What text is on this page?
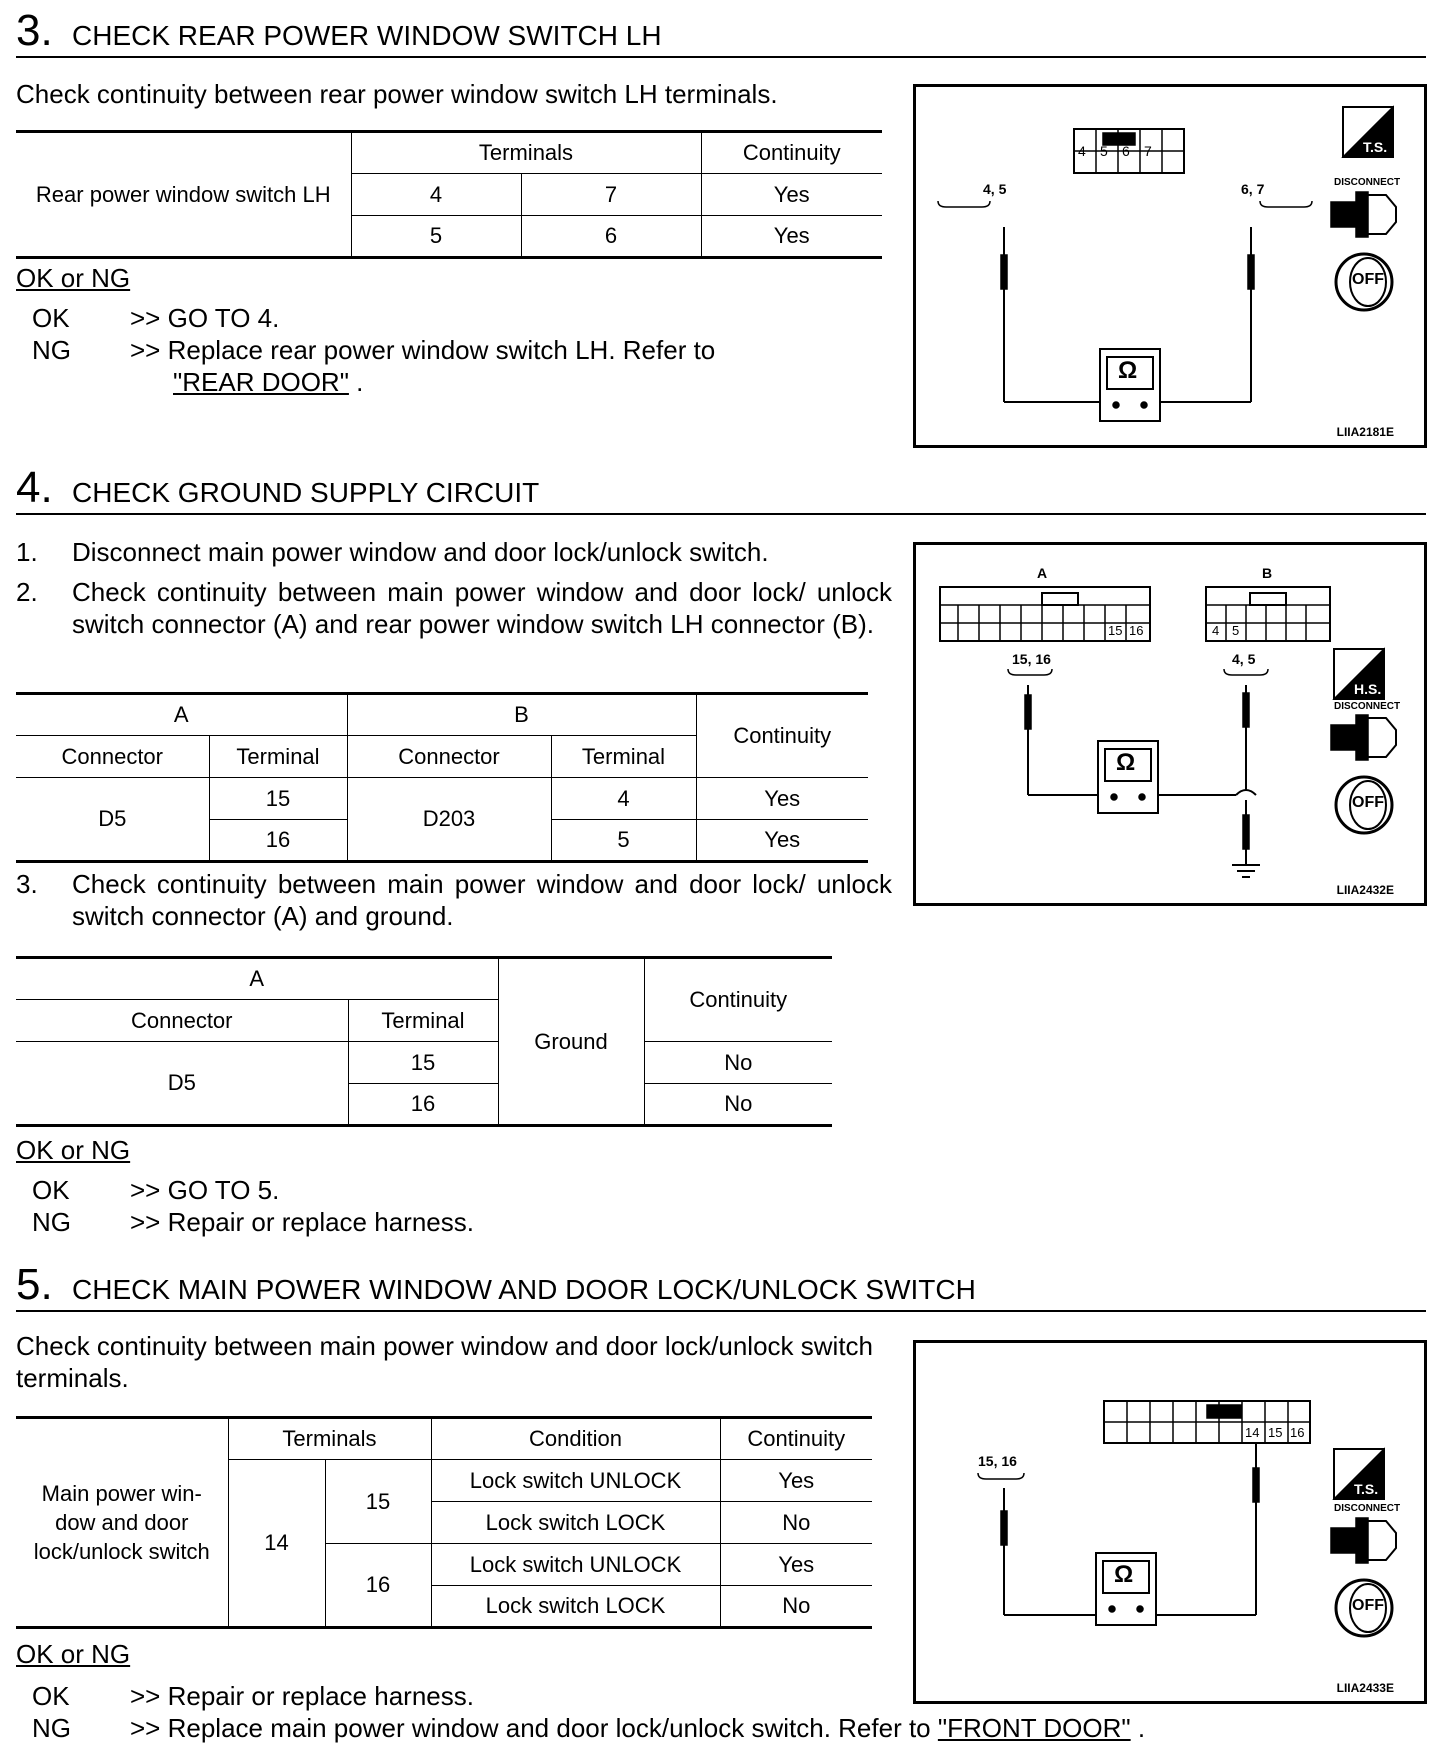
3. CHECK REAR POWER WINDOW SWITCH LH
Check continuity between rear power window switch LH terminals.
Rear power window switch LH	Terminals		Continuity
	4	7	Yes
	5	6	Yes
OK or NG
OK >> GO TO 4.
NG >> Replace rear power window switch LH. Refer to
"REAR DOOR" .
4 5 6 7
4, 5	6, 7
Ω
T.S.
DISCONNECT
OFF
LIIA2181E
4. CHECK GROUND SUPPLY CIRCUIT
1. Disconnect main power window and door lock/unlock switch.
2. Check continuity between main power window and door lock/ unlock switch connector (A) and rear power window switch LH connector (B).
A		B		Continuity
Connector	Terminal	Connector	Terminal	
D5	15	D203	4	Yes
	16		5	Yes
3. Check continuity between main power window and door lock/ unlock switch connector (A) and ground.
A		Ground	Continuity
Connector	Terminal		
D5	15		No
	16		No
OK or NG
OK >> GO TO 5.
NG >> Repair or replace harness.
A	B
15 16	4 5
15, 16	4, 5
Ω
H.S.
DISCONNECT
OFF
LIIA2432E
5. CHECK MAIN POWER WINDOW AND DOOR LOCK/UNLOCK SWITCH
Check continuity between main power window and door lock/unlock switch terminals.
Main power win- dow and door lock/unlock switch	Terminals		Condition	Continuity
	14	15	Lock switch UNLOCK	Yes
			Lock switch LOCK	No
		16	Lock switch UNLOCK	Yes
			Lock switch LOCK	No
OK or NG
OK >> Repair or replace harness.
NG >> Replace main power window and door lock/unlock switch. Refer to "FRONT DOOR" .
14 15 16
15, 16
Ω
T.S.
DISCONNECT
OFF
LIIA2433E
